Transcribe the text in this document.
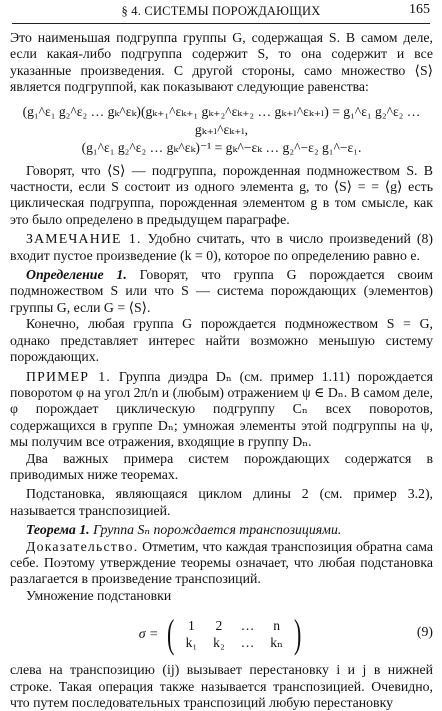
§ 4. СИСТЕМЫ ПОРОЖДАЮЩИХ	165

Это наименьшая подгруппа группы G, содержащая S. В самом деле, если какая-либо подгруппа содержит S, то она содержит и все указанные произведения. С другой стороны, само множество ⟨S⟩ является подгруппой, как показывают следующие равенства:

(g₁^ε₁ g₂^ε₂ … gₖ^εₖ)(gₖ₊₁^εₖ₊₁ gₖ₊₂^εₖ₊₂ … gₖ₊ₗ^εₖ₊ₗ) = g₁^ε₁ g₂^ε₂ … gₖ₊ₗ^εₖ₊ₗ,
(g₁^ε₁ g₂^ε₂ … gₖ^εₖ)⁻¹ = gₖ^−εₖ … g₂^−ε₂ g₁^−ε₁.

Говорят, что ⟨S⟩ — подгруппа, порожденная подмножеством S. В частности, если S состоит из одного элемента g, то ⟨S⟩ = = ⟨g⟩ есть циклическая подгруппа, порожденная элементом g в том смысле, как это было определено в предыдущем параграфе.

ЗАМЕЧАНИЕ 1. Удобно считать, что в число произведений (8) входит пустое произведение (k = 0), которое по определению равно e.

Определение 1. Говорят, что группа G порождается своим подмножеством S или что S — система порождающих (элементов) группы G, если G = ⟨S⟩.

Конечно, любая группа G порождается подмножеством S = G, однако представляет интерес найти возможно меньшую систему порождающих.

ПРИМЕР 1. Группа диэдра Dₙ (см. пример 1.11) порождается поворотом φ на угол 2π/n и (любым) отражением ψ ∈ Dₙ. В самом деле, φ порождает циклическую подгруппу Cₙ всех поворотов, содержащихся в группе Dₙ; умножая элементы этой подгруппы на ψ, мы получим все отражения, входящие в группу Dₙ.

Два важных примера систем порождающих содержатся в приводимых ниже теоремах.

Подстановка, являющаяся циклом длины 2 (см. пример 3.2), называется транспозицией.

Теорема 1. Группа Sₙ порождается транспозициями.

Доказательство. Отметим, что каждая транспозиция обратна сама себе. Поэтому утверждение теоремы означает, что любая подстановка разлагается в произведение транспозиций.

Умножение подстановки

σ = ( 1	2	…	n
k₁	k₂	…	kₙ )	(9)

слева на транспозицию (ij) вызывает перестановку i и j в нижней строке. Такая операция также называется транспозицией. Очевидно, что путем последовательных транспозиций любую перестановку
